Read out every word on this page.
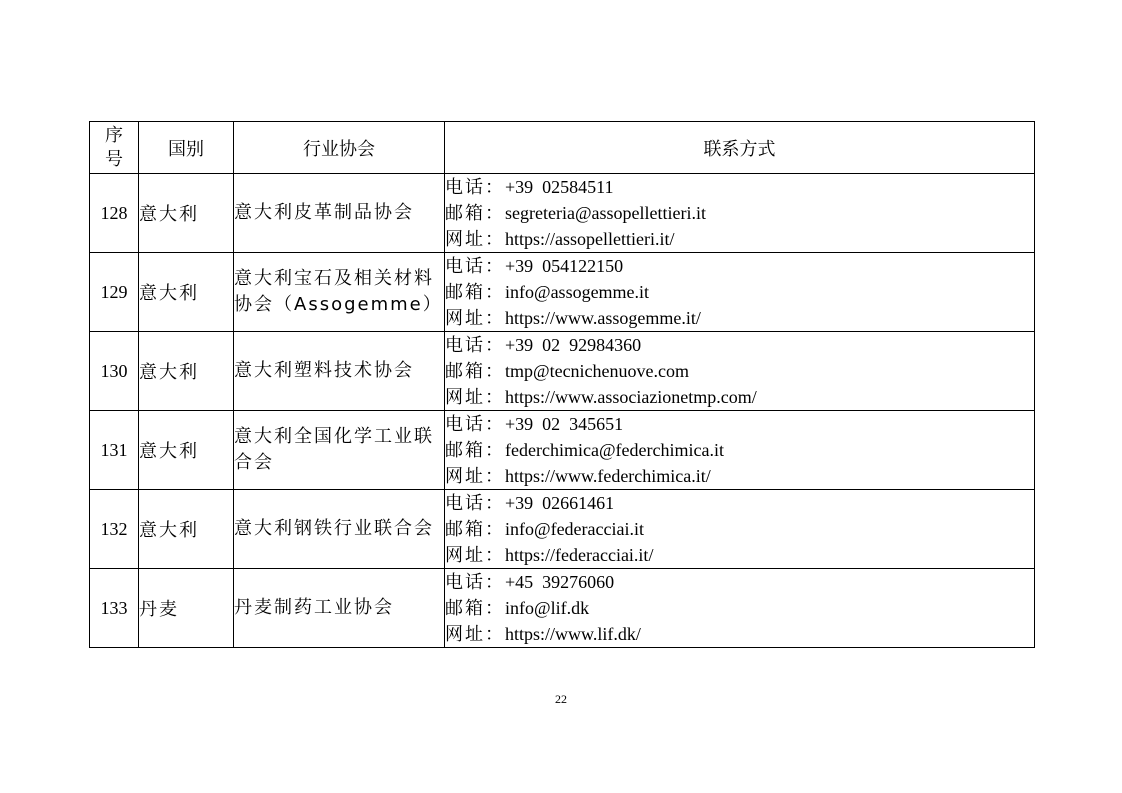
序号	国别	行业协会	联系方式
128	意大利	意大利皮革制品协会	电话：+39  02584511
邮箱：segreteria@assopellettieri.it
网址：https://assopellettieri.it/

129	意大利	意大利宝石及相关材料协会（Assogemme）	电话：+39  054122150
邮箱：info@assogemme.it
网址：https://www.assogemme.it/

130	意大利	意大利塑料技术协会	电话：+39  02  92984360
邮箱：tmp@tecnichenuove.com
网址：https://www.associazionetmp.com/

131	意大利	意大利全国化学工业联合会	电话：+39  02  345651
邮箱：federchimica@federchimica.it
网址：https://www.federchimica.it/

132	意大利	意大利钢铁行业联合会	电话：+39  02661461
邮箱：info@federacciai.it
网址：https://federacciai.it/

133	丹麦	丹麦制药工业协会	电话：+45  39276060
邮箱：info@lif.dk
网址：https://www.lif.dk/
22
